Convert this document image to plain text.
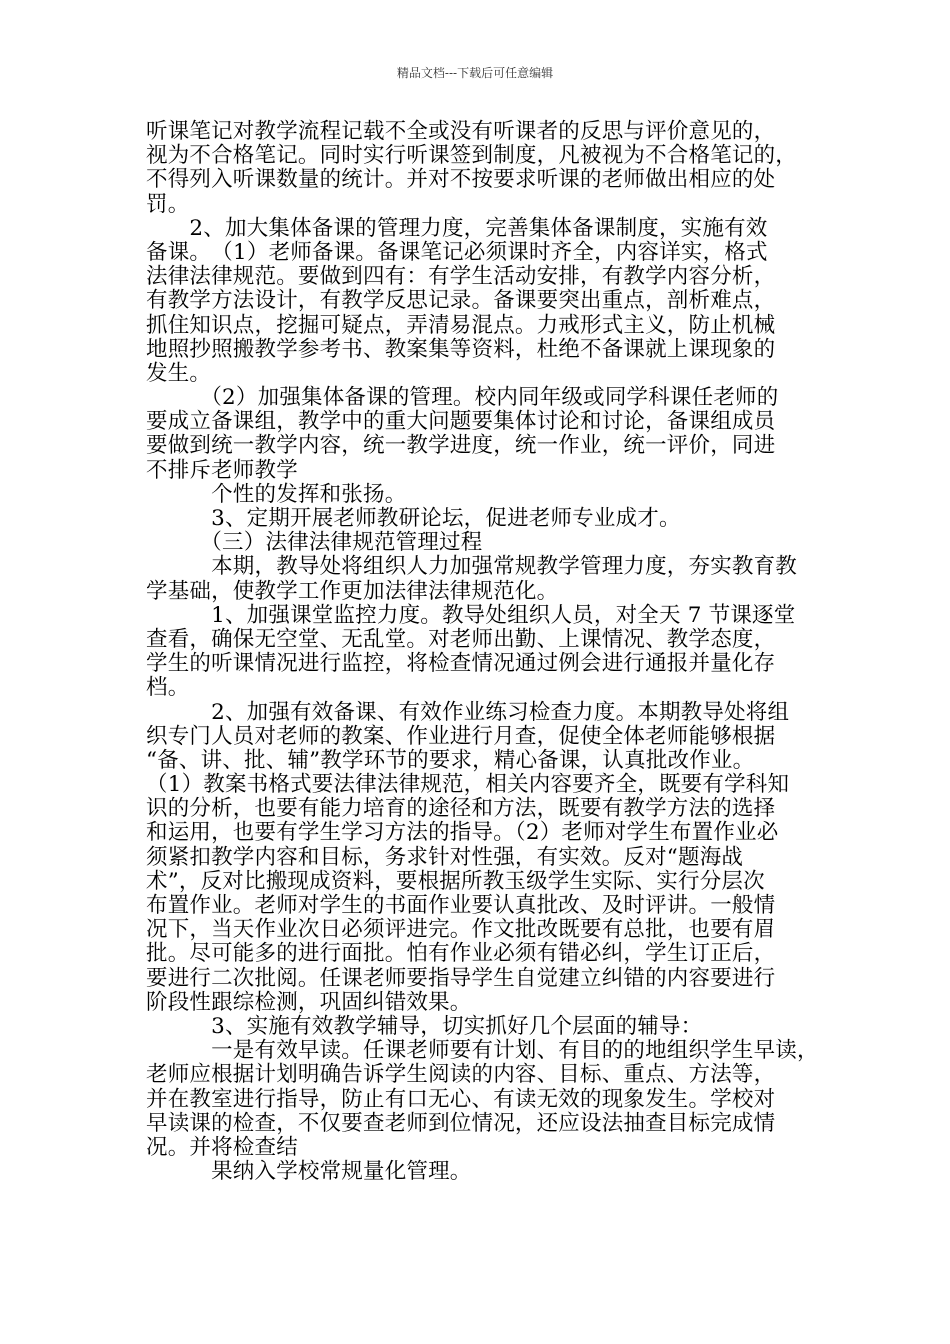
精品文档---下载后可任意编辑
听课笔记对教学流程记载不全或没有听课者的反思与评价意见的，
视为不合格笔记。同时实行听课签到制度，凡被视为不合格笔记的，
不得列入听课数量的统计。并对不按要求听课的老师做出相应的处
罚。
　　2、加大集体备课的管理力度，完善集体备课制度，实施有效
备课。　（1）老师备课。备课笔记必须课时齐全，内容详实，格式
法律法律规范。要做到四有：有学生活动安排，有教学内容分析，
有教学方法设计，有教学反思记录。备课要突出重点，剖析难点，
抓住知识点，挖掘可疑点，弄清易混点。力戒形式主义，防止机械
地照抄照搬教学参考书、教案集等资料，杜绝不备课就上课现象的
发生。
　　　（2）加强集体备课的管理。校内同年级或同学科课任老师的
要成立备课组，教学中的重大问题要集体讨论和讨论，备课组成员
要做到统一教学内容，统一教学进度，统一作业，统一评价，同进
不排斥老师教学
　　　个性的发挥和张扬。
　　　3、定期开展老师教研论坛，促进老师专业成才。
　　　（三）法律法律规范管理过程
　　　本期，教导处将组织人力加强常规教学管理力度，夯实教育教
学基础，使教学工作更加法律法律规范化。
　　　1、加强课堂监控力度。教导处组织人员，对全天 7 节课逐堂
查看，确保无空堂、无乱堂。对老师出勤、上课情况、教学态度，
学生的听课情况进行监控，将检查情况通过例会进行通报并量化存
档。
　　　2、加强有效备课、有效作业练习检查力度。本期教导处将组
织专门人员对老师的教案、作业进行月查，促使全体老师能够根据
“备、讲、批、辅”教学环节的要求，精心备课，认真批改作业。
（1）教案书格式要法律法律规范，相关内容要齐全，既要有学科知
识的分析，也要有能力培育的途径和方法，既要有教学方法的选择
和运用，也要有学生学习方法的指导。（2）老师对学生布置作业必
须紧扣教学内容和目标，务求针对性强，有实效。反对“题海战
术”，反对比搬现成资料，要根据所教玉级学生实际、实行分层次
布置作业。老师对学生的书面作业要认真批改、及时评讲。一般情
况下，当天作业次日必须评进完。作文批改既要有总批，也要有眉
批。尽可能多的进行面批。怕有作业必须有错必纠，学生订正后，
要进行二次批阅。任课老师要指导学生自觉建立纠错的内容要进行
阶段性跟综检测，巩固纠错效果。
　　　3、实施有效教学辅导，切实抓好几个层面的辅导：
　　　一是有效早读。任课老师要有计划、有目的的地组织学生早读，
老师应根据计划明确告诉学生阅读的内容、目标、重点、方法等，
并在教室进行指导，防止有口无心、有读无效的现象发生。学校对
早读课的检查，不仅要查老师到位情况，还应设法抽查目标完成情
况。并将检查结
　　　果纳入学校常规量化管理。
